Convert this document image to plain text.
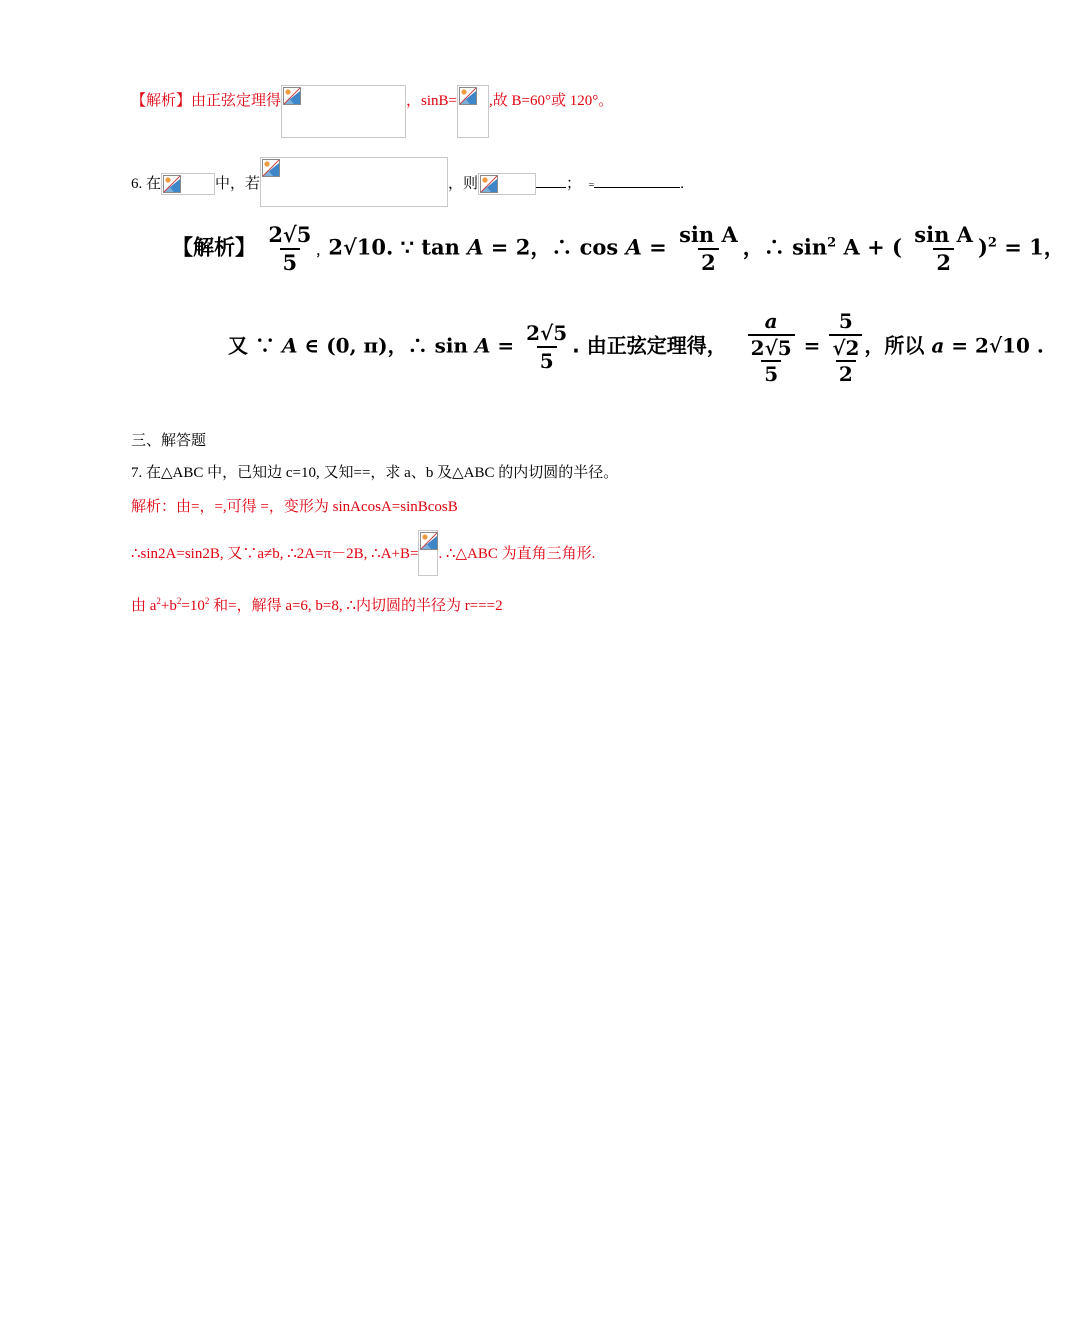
【解析】由正弦定理得	，sinB= ,故 B=60°或 120°。
6. 在	中，若	，则	； =	.
【解析】 $\frac{2√5}{5}$ ，2√10. ∵ tan A = 2，∴ $\cos A = \frac{\text{sin A}}{2}$ ，∴ $\sin^2 A$ + ( $\frac{\text{sin A}}{2} )^2 = 1$，
又 ∵ A ∈ (0, π)，∴ $\sin A = \frac{2√5}{5}$ . 由正弦定理得， $\frac{a}{\frac{2√5}{5}} = \frac{5}{\frac{√2}{2}}$ ，所以 a = 2√10 .
三、解答题
7. 在△ABC 中，已知边 c=10, 又知==，求 a、b 及△ABC 的内切圆的半径。
解析：由=，=,可得 =，变形为 sinAcosA=sinBcosB
∴sin2A=sin2B, 又∵a≠b, ∴2A=π－2B, ∴A+B= . ∴△ABC 为直角三角形.
由 $a^2+b^2=10^2$ 和=，解得 a=6, b=8, ∴内切圆的半径为 r===2
